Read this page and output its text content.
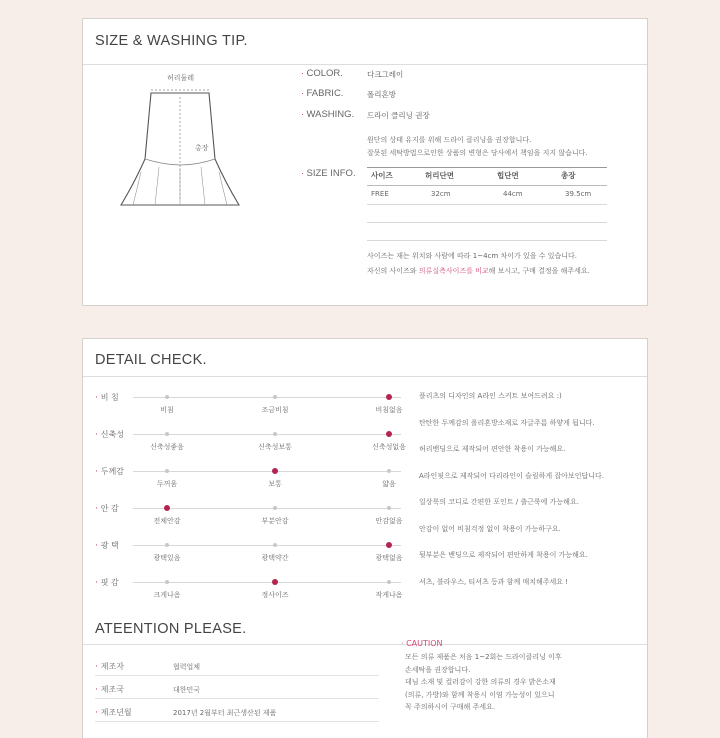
SIZE & WASHING TIP.
허리둘레
총장
· COLOR.	다크그레이
· FABRIC.	폴리혼방
· WASHING. 드라이 클리닝 권장
원단의 상태 유지를 위해 드라이 클리닝을 권장합니다.
잘못된 세탁방법으로인한 상품의 변형은 당사에서 책임을 지지 않습니다.
· SIZE INFO. 사이즈	허리단면	힙단면	총장
FREE	32cm	44cm	39.5cm
사이즈는 재는 위치와 사람에 따라 1~4cm 차이가 있을 수 있습니다.
자신의 사이즈와 의류실측사이즈를 비교해 보시고, 구매 결정을 해주세요.
DETAIL CHECK.
· 비 침
비침	조금비침	비침없음
· 신축성
신축성좋음	신축성보통	신축성없음
· 두께감
두꺼움	보통	얇음
· 안 감
전체안감	부분안감	안감없음
· 광 택
광택있음	광택약간	광택없음
· 핏 감
크게나옴	정사이즈	작게나옴
플리츠의 디자인의 A라인 스커트 보여드려요 :)
탄탄한 두께감의 폴리혼방소재로 자글주름 하얗게 됩니다.
허리밴딩으로 제작되어 편안한 착용이 가능해요.
A라인핏으로 제작되어 다리라인이 슬림하게 잡아보인답니다.
일상룩의 코디로 간편한 포인트 / 출근룩에 가능해요.
안감이 없어 비침걱정 없이 착용이 가능하구요.
뒷부분은 밴딩으로 제작되어 편안하게 착용이 가능해요.
셔츠, 블라우스, 티셔츠 등과 함께 매치해주세요 !
ATEENTION PLEASE.
· 제조자	협력업체
· 제조국	대한민국
· 제조년월	2017년 2월부터 최근생산된 제품
· CAUTION
모든 의류 제품은 처음 1~2회는 드라이클리닝 이후
손세탁을 권장합니다.
데님 소재 및 컬러감이 강한 의류의 경우 밝은소재
(의류, 가방)와 함께 착용시 이염 가능성이 있으니
꼭 주의하시어 구매해 주세요.
